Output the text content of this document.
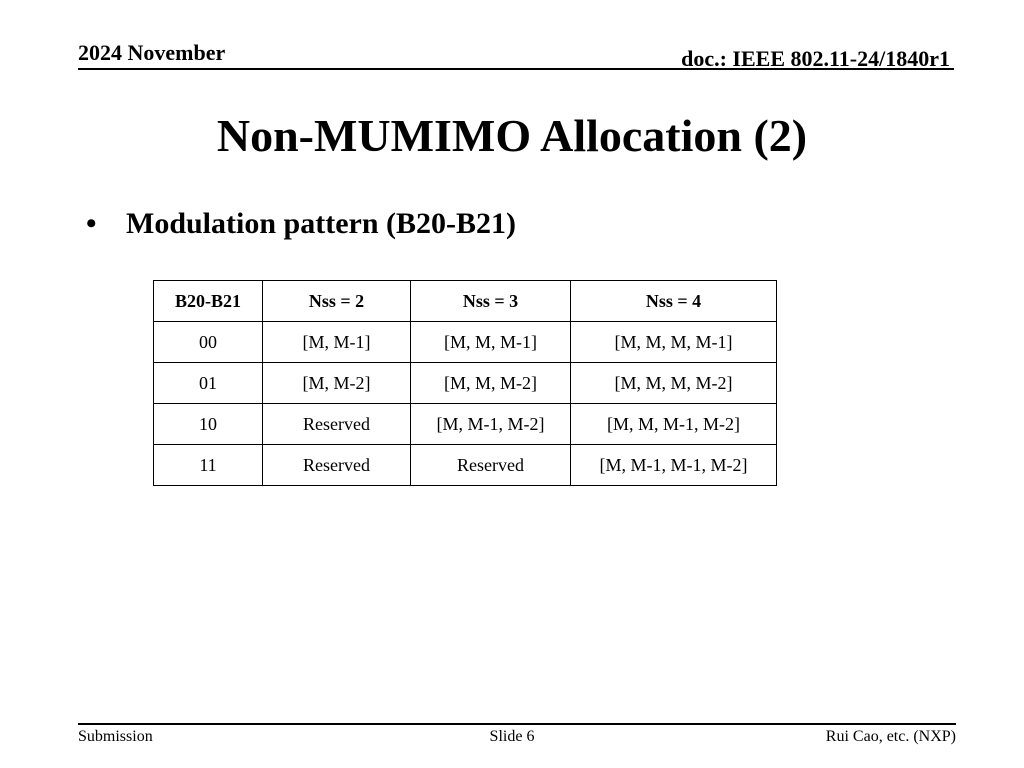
2024 November	doc.: IEEE 802.11-24/1840r1
Non-MUMIMO Allocation (2)
• Modulation pattern (B20-B21)
B20-B21	Nss = 2	Nss = 3	Nss = 4
00	[M, M-1]	[M, M, M-1]	[M, M, M, M-1]
01	[M, M-2]	[M, M, M-2]	[M, M, M, M-2]
10	Reserved	[M, M-1, M-2]	[M, M, M-1, M-2]
11	Reserved	Reserved	[M, M-1, M-1, M-2]
Submission	Slide 6	Rui Cao, etc. (NXP)
